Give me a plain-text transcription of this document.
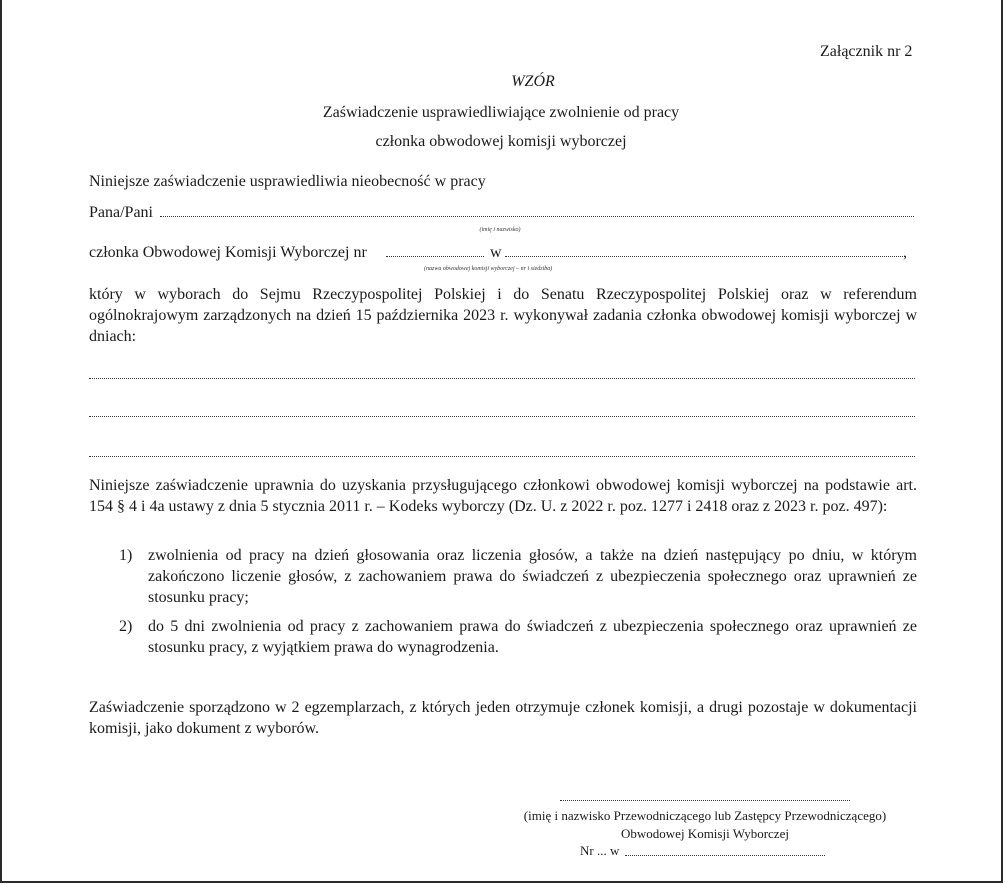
Załącznik nr 2
WZÓR
Zaświadczenie usprawiedliwiające zwolnienie od pracy
członka obwodowej komisji wyborczej
Niniejsze zaświadczenie usprawiedliwia nieobecność w pracy
Pana/Pani
(imię i nazwisko)
członka Obwodowej Komisji Wyborczej nr	w	,
(nazwa obwodowej komisji wyborczej – nr i siedziba)
który w wyborach do Sejmu Rzeczypospolitej Polskiej i do Senatu Rzeczypospolitej Polskiej oraz w referendum ogólnokrajowym zarządzonych na dzień 15 października 2023 r. wykonywał zadania członka obwodowej komisji wyborczej w dniach:
Niniejsze zaświadczenie uprawnia do uzyskania przysługującego członkowi obwodowej komisji wyborczej na podstawie art. 154 § 4 i 4a ustawy z dnia 5 stycznia 2011 r. – Kodeks wyborczy (Dz. U. z 2022 r. poz. 1277 i 2418 oraz z 2023 r. poz. 497):
1) zwolnienia od pracy na dzień głosowania oraz liczenia głosów, a także na dzień następujący po dniu, w którym zakończono liczenie głosów, z zachowaniem prawa do świadczeń z ubezpieczenia społecznego oraz uprawnień ze stosunku pracy;
2) do 5 dni zwolnienia od pracy z zachowaniem prawa do świadczeń z ubezpieczenia społecznego oraz uprawnień ze stosunku pracy, z wyjątkiem prawa do wynagrodzenia.
Zaświadczenie sporządzono w 2 egzemplarzach, z których jeden otrzymuje członek komisji, a drugi pozostaje w dokumentacji komisji, jako dokument z wyborów.
(imię i nazwisko Przewodniczącego lub Zastępcy Przewodniczącego)
Obwodowej Komisji Wyborczej
Nr ... w
